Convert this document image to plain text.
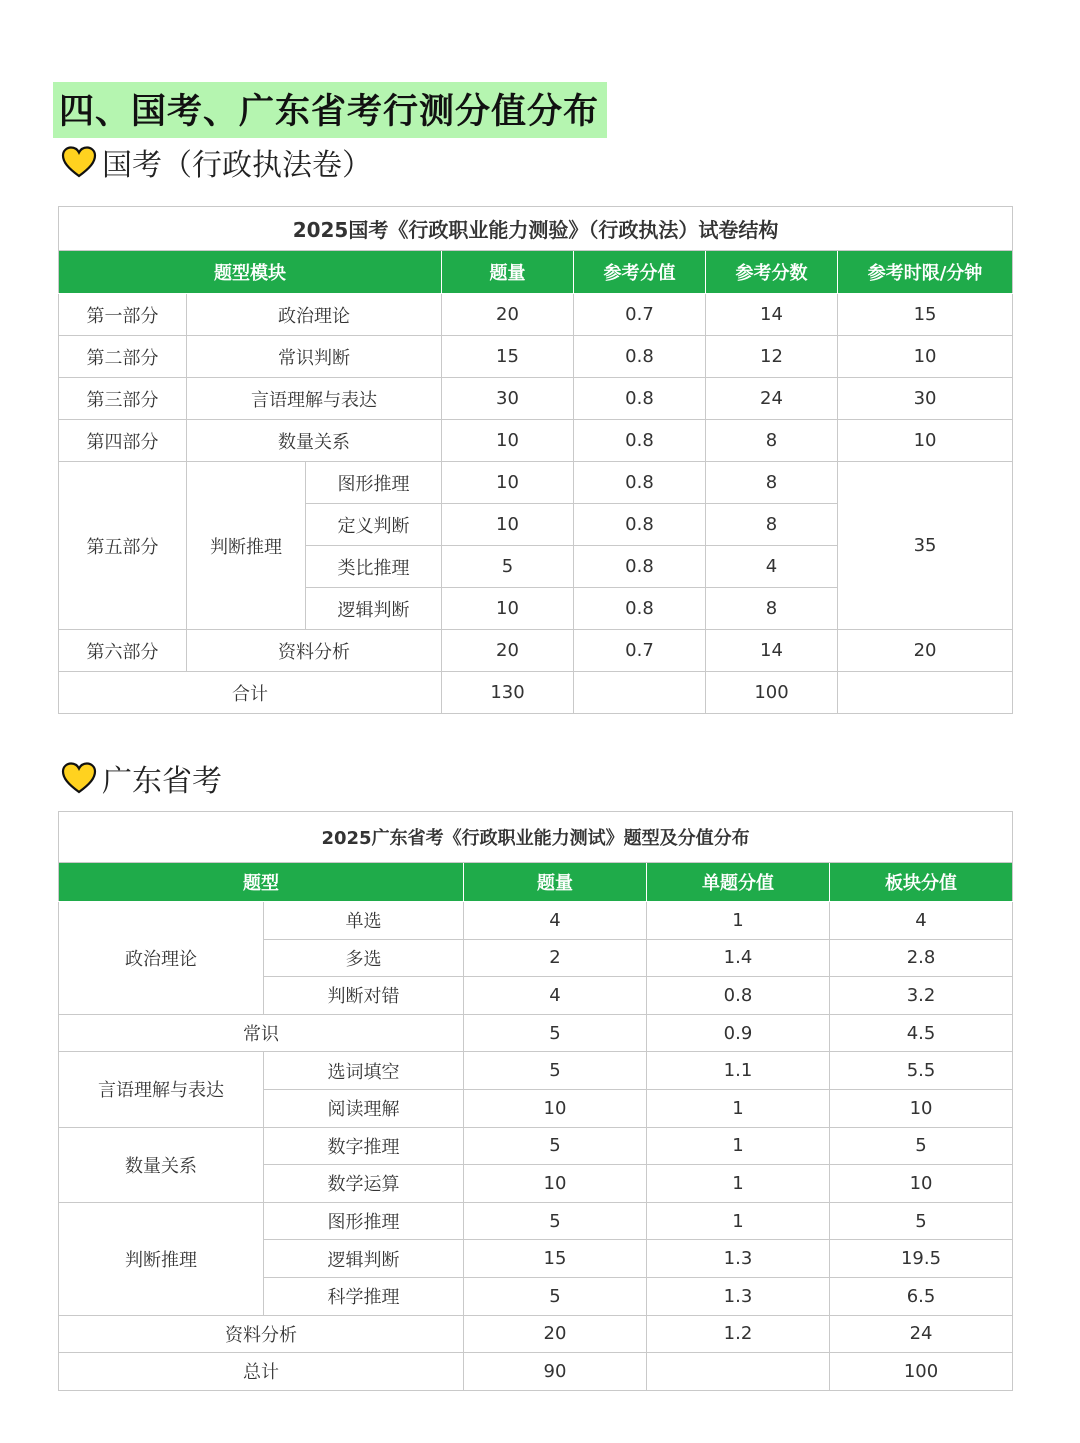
四、国考、广东省考行测分值分布
国考（行政执法卷）
2025国考《行政职业能力测验》（行政执法）试卷结构						
题型模块			题量	参考分值	参考分数	参考时限/分钟
第一部分	政治理论		20	0.7	14	15
第二部分	常识判断		15	0.8	12	10
第三部分	言语理解与表达		30	0.8	24	30
第四部分	数量关系		10	0.8	8	10
第五部分	判断推理	图形推理	10	0.8	8	35
		定义判断	10	0.8	8	
		类比推理	5	0.8	4	
		逻辑判断	10	0.8	8	
第六部分	资料分析		20	0.7	14	20
合计			130		100	
广东省考
2025广东省考《行政职业能力测试》题型及分值分布				
题型		题量	单题分值	板块分值
政治理论	单选	4	1	4
	多选	2	1.4	2.8
	判断对错	4	0.8	3.2
常识		5	0.9	4.5
言语理解与表达	选词填空	5	1.1	5.5
	阅读理解	10	1	10
数量关系	数字推理	5	1	5
	数学运算	10	1	10
判断推理	图形推理	5	1	5
	逻辑判断	15	1.3	19.5
	科学推理	5	1.3	6.5
资料分析		20	1.2	24
总计		90		100
